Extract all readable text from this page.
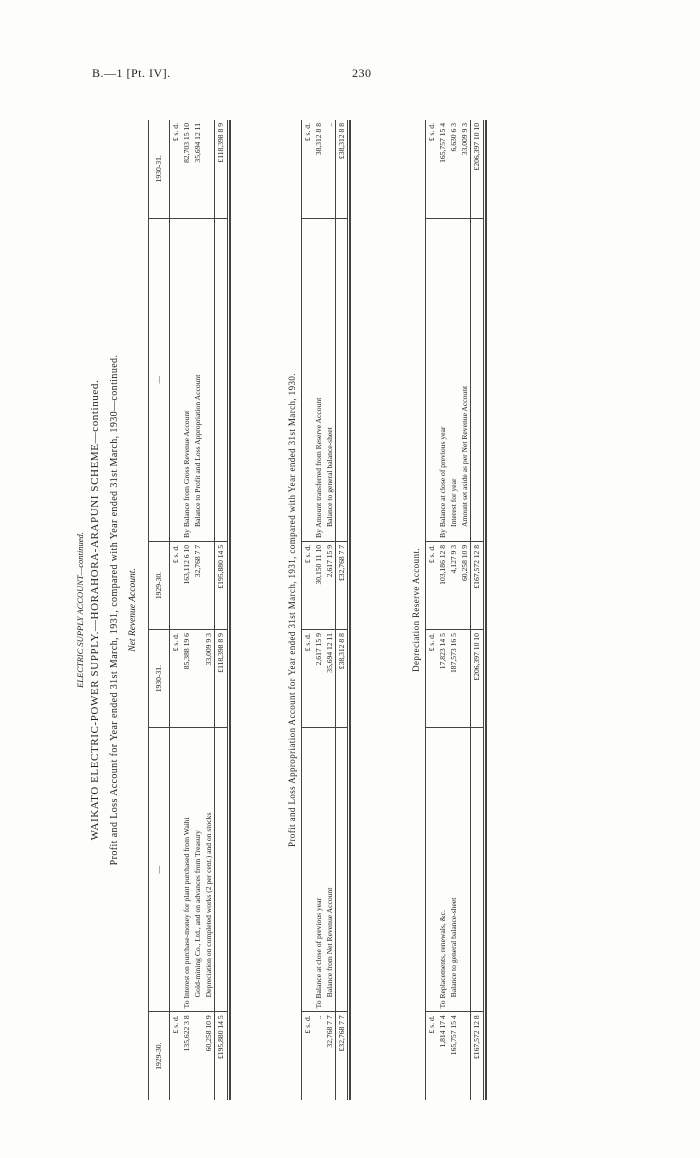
B.—1 [Pt. IV].	230
ELECTRIC SUPPLY ACCOUNT—continued. WAIKATO ELECTRIC-POWER SUPPLY.—HORAHORA-ARAPUNI SCHEME—continued. Profit and Loss Account for Year ended 31st March, 1931, compared with Year ended 31st March, 1930—continued. Net Revenue Account.
1929-30.	—	1930-31.	1929-30.	—	1930-31.
£ s. d.		£ s. d.	£ s. d.		£ s. d.
135,622 3 8	To Interest on purchase-money for plant purchased from Waihi	85,388 19 6	163,112 6 10	By Balance from Gross Revenue Account	82,703 15 10
	Gold-mining Co., Ltd., and on advances from Treasury		32,768 7 7	Balance to Profit and Loss Appropriation Account	35,694 12 11
60,258 10 9	Depreciation on completed works (2 per cent.) and on stocks	33,009 9 3			
£195,880 14 5		£118,398 8 9	£195,880 14 5		£118,398 8 9
Profit and Loss Appropriation Account for Year ended 31st March, 1931, compared with Year ended 31st March, 1930.
£ s. d.		£ s. d.	£ s. d.		£ s. d.
..	To Balance at close of previous year	2,617 15 9	30,150 11 10	By Amount transferred from Reserve Account	38,312 8 8
32,768 7 7	Balance from Net Revenue Account	35,694 12 11	2,617 15 9	Balance to general balance-sheet	..
£32,768 7 7		£38,312 8 8	£32,768 7 7		£38,312 8 8
Depreciation Reserve Account.
£ s. d.		£ s. d.	£ s. d.		£ s. d.
1,814 17 4	To Replacements, renewals, &c.	17,823 14 5	103,186 12 8	By Balance at close of previous year	165,757 15 4
165,757 15 4	Balance to general balance-sheet	187,573 16 5	4,127 9 3	Interest for year	6,630 6 3
			60,258 10 9	Amount set aside as per Net Revenue Account	33,009 9 3
£167,572 12 8		£206,397 10 10	£167,572 12 8		£206,397 10 10
